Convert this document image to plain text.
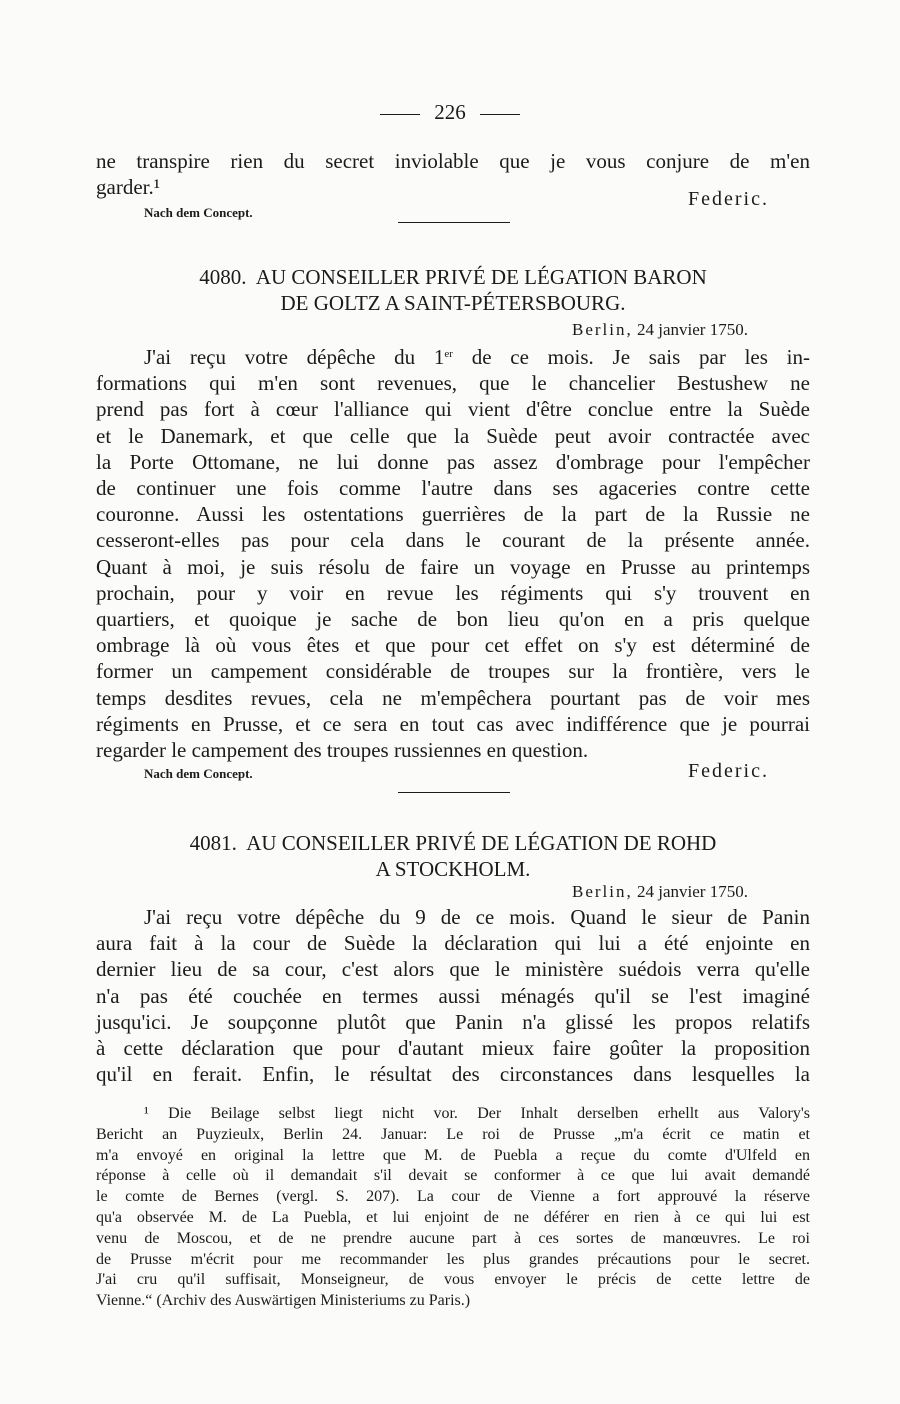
226
ne transpire rien du secret inviolable que je vous conjure de m'en
garder.¹
Nach dem Concept.
Federic.
4080. AU CONSEILLER PRIVÉ DE LÉGATION BARON
DE GOLTZ A SAINT-PÉTERSBOURG.
Berlin, 24 janvier 1750.
J'ai reçu votre dépêche du 1er de ce mois. Je sais par les in-
formations qui m'en sont revenues, que le chancelier Bestushew ne
prend pas fort à cœur l'alliance qui vient d'être conclue entre la Suède
et le Danemark, et que celle que la Suède peut avoir contractée avec
la Porte Ottomane, ne lui donne pas assez d'ombrage pour l'empêcher
de continuer une fois comme l'autre dans ses agaceries contre cette
couronne. Aussi les ostentations guerrières de la part de la Russie ne
cesseront-elles pas pour cela dans le courant de la présente année.
Quant à moi, je suis résolu de faire un voyage en Prusse au printemps
prochain, pour y voir en revue les régiments qui s'y trouvent en
quartiers, et quoique je sache de bon lieu qu'on en a pris quelque
ombrage là où vous êtes et que pour cet effet on s'y est déterminé de
former un campement considérable de troupes sur la frontière, vers le
temps desdites revues, cela ne m'empêchera pourtant pas de voir mes
régiments en Prusse, et ce sera en tout cas avec indifférence que je pourrai
regarder le campement des troupes russiennes en question.
Nach dem Concept.	Federic.
4081. AU CONSEILLER PRIVÉ DE LÉGATION DE ROHD
A STOCKHOLM.
Berlin, 24 janvier 1750.
J'ai reçu votre dépêche du 9 de ce mois. Quand le sieur de Panin
aura fait à la cour de Suède la déclaration qui lui a été enjointe en
dernier lieu de sa cour, c'est alors que le ministère suédois verra qu'elle
n'a pas été couchée en termes aussi ménagés qu'il se l'est imaginé
jusqu'ici. Je soupçonne plutôt que Panin n'a glissé les propos relatifs
à cette déclaration que pour d'autant mieux faire goûter la proposition
qu'il en ferait. Enfin, le résultat des circonstances dans lesquelles la
¹ Die Beilage selbst liegt nicht vor. Der Inhalt derselben erhellt aus Valory's
Bericht an Puyzieulx, Berlin 24. Januar: Le roi de Prusse „m'a écrit ce matin et
m'a envoyé en original la lettre que M. de Puebla a reçue du comte d'Ulfeld en
réponse à celle où il demandait s'il devait se conformer à ce que lui avait demandé
le comte de Bernes (vergl. S. 207). La cour de Vienne a fort approuvé la réserve
qu'a observée M. de La Puebla, et lui enjoint de ne déférer en rien à ce qui lui est
venu de Moscou, et de ne prendre aucune part à ces sortes de manœuvres. Le roi
de Prusse m'écrit pour me recommander les plus grandes précautions pour le secret.
J'ai cru qu'il suffisait, Monseigneur, de vous envoyer le précis de cette lettre de
Vienne.“ (Archiv des Auswärtigen Ministeriums zu Paris.)
